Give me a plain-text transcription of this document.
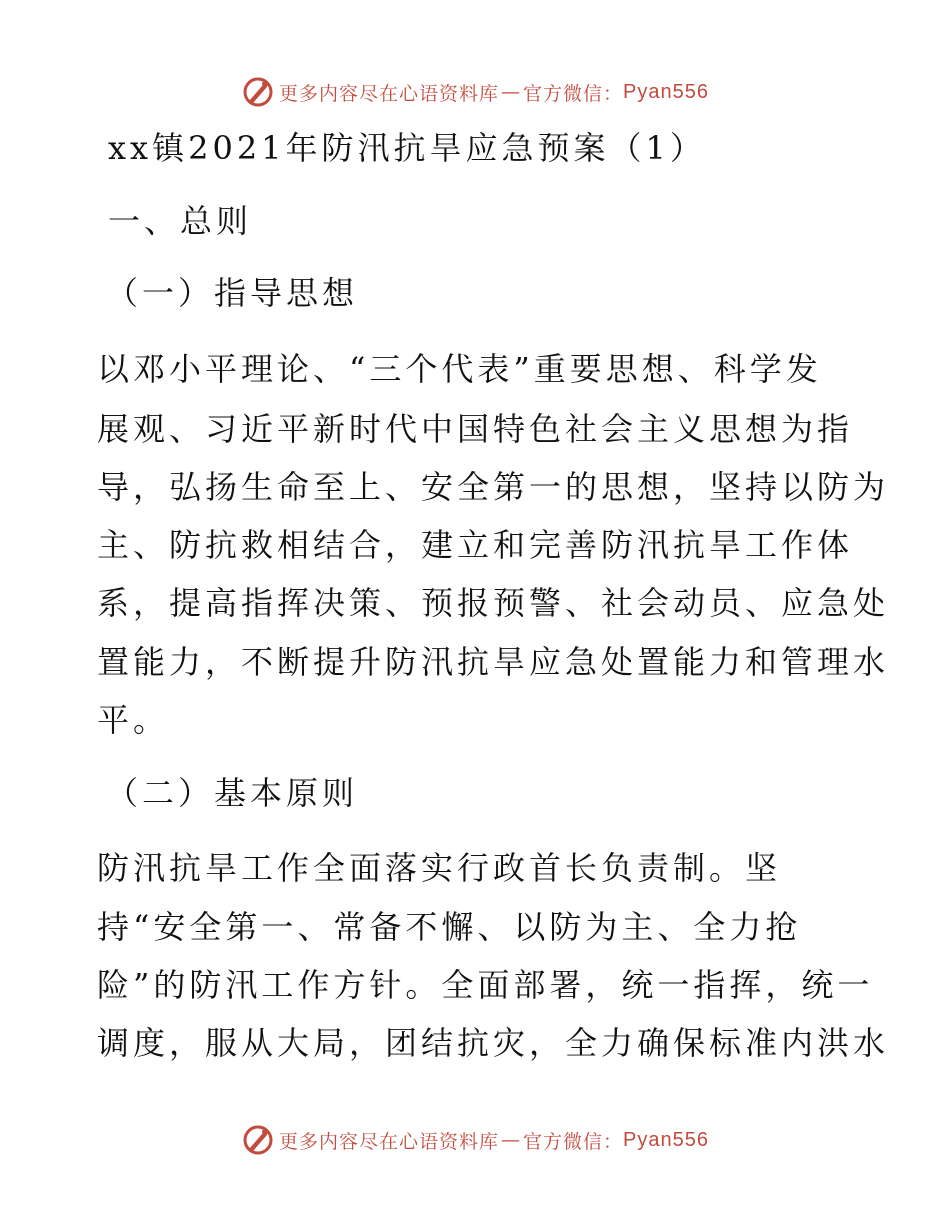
更多内容尽在心语资料库 — 官方微信： Pyan556
xx镇2021年防汛抗旱应急预案（1）
一、总则
（一）指导思想
以邓小平理论、“三个代表”重要思想、科学发
展观、习近平新时代中国特色社会主义思想为指
导，弘扬生命至上、安全第一的思想，坚持以防为
主、防抗救相结合，建立和完善防汛抗旱工作体
系，提高指挥决策、预报预警、社会动员、应急处
置能力，不断提升防汛抗旱应急处置能力和管理水
平。
（二）基本原则
防汛抗旱工作全面落实行政首长负责制。坚
持“安全第一、常备不懈、以防为主、全力抢
险”的防汛工作方针。全面部署，统一指挥，统一
调度，服从大局，团结抗灾，全力确保标准内洪水
更多内容尽在心语资料库 — 官方微信： Pyan556
